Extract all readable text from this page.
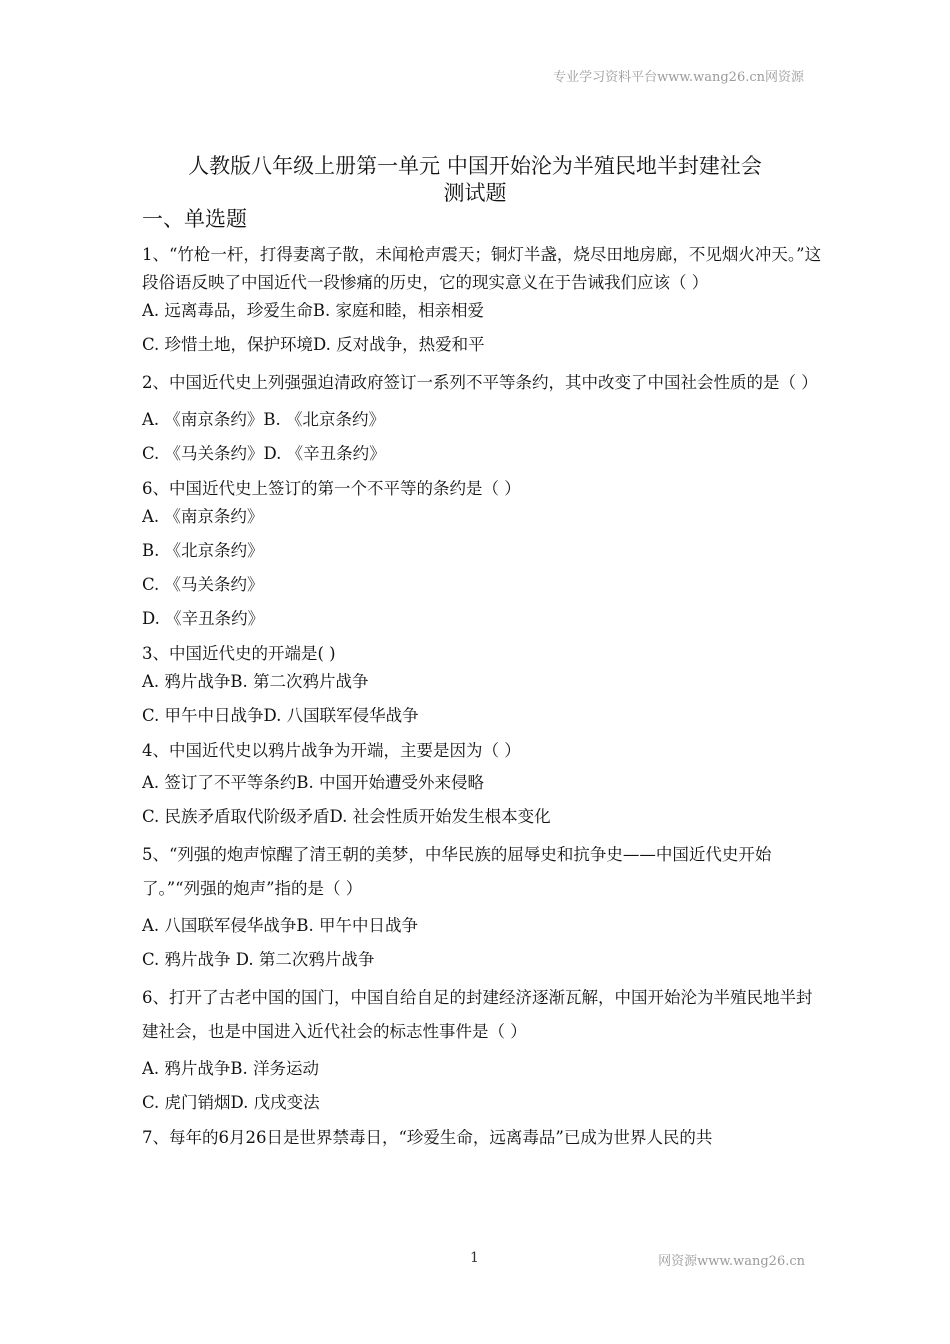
专业学习资料平台www.wang26.cn网资源
人教版八年级上册第一单元 中国开始沦为半殖民地半封建社会
测试题
一、单选题
1、“竹枪一杆，打得妻离子散，未闻枪声震天；铜灯半盏，烧尽田地房廊，不见烟火冲天。”这段俗语反映了中国近代一段惨痛的历史，它的现实意义在于告诫我们应该（ ）
A. 远离毒品，珍爱生命B. 家庭和睦，相亲相爱
C. 珍惜土地，保护环境D. 反对战争，热爱和平
2、中国近代史上列强强迫清政府签订一系列不平等条约，其中改变了中国社会性质的是（ ）
A. 《南京条约》B. 《北京条约》
C. 《马关条约》D. 《辛丑条约》
6、中国近代史上签订的第一个不平等的条约是（ ）
A. 《南京条约》
B. 《北京条约》
C. 《马关条约》
D. 《辛丑条约》
3、中国近代史的开端是( )
A. 鸦片战争B. 第二次鸦片战争
C. 甲午中日战争D. 八国联军侵华战争
4、中国近代史以鸦片战争为开端，主要是因为（ ）
A. 签订了不平等条约B. 中国开始遭受外来侵略
C. 民族矛盾取代阶级矛盾D. 社会性质开始发生根本变化
5、“列强的炮声惊醒了清王朝的美梦，中华民族的屈辱史和抗争史——中国近代史开始了。”“列强的炮声”指的是（ ）
A. 八国联军侵华战争B. 甲午中日战争
C. 鸦片战争 D. 第二次鸦片战争
6、打开了古老中国的国门，中国自给自足的封建经济逐渐瓦解，中国开始沦为半殖民地半封建社会，也是中国进入近代社会的标志性事件是（ ）
A. 鸦片战争B. 洋务运动
C. 虎门销烟D. 戊戌变法
7、每年的6月26日是世界禁毒日，“珍爱生命，远离毒品”已成为世界人民的共
1	网资源www.wang26.cn
